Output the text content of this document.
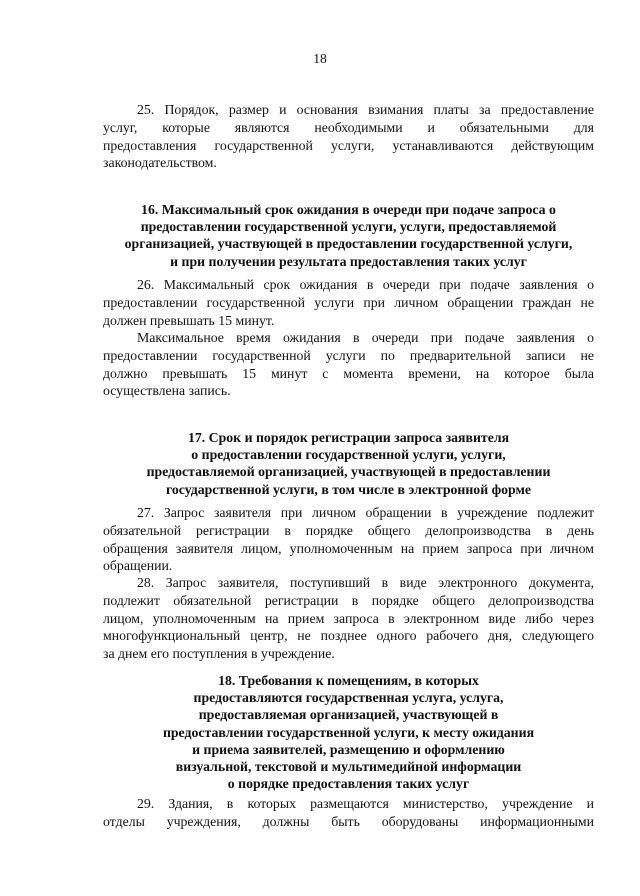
18
25. Порядок, размер и основания взимания платы за предоставление
услуг, которые являются необходимыми и обязательными для
предоставления государственной услуги, устанавливаются действующим
законодательством.
16. Максимальный срок ожидания в очереди при подаче запроса о
предоставлении государственной услуги, услуги, предоставляемой
организацией, участвующей в предоставлении государственной услуги,
и при получении результата предоставления таких услуг
26. Максимальный срок ожидания в очереди при подаче заявления о
предоставлении государственной услуги при личном обращении граждан не
должен превышать 15 минут.
Максимальное время ожидания в очереди при подаче заявления о
предоставлении государственной услуги по предварительной записи не
должно превышать 15 минут с момента времени, на которое была
осуществлена запись.
17. Срок и порядок регистрации запроса заявителя
о предоставлении государственной услуги, услуги,
предоставляемой организацией, участвующей в предоставлении
государственной услуги, в том числе в электронной форме
27. Запрос заявителя при личном обращении в учреждение подлежит
обязательной регистрации в порядке общего делопроизводства в день
обращения заявителя лицом, уполномоченным на прием запроса при личном
обращении.
28. Запрос заявителя, поступивший в виде электронного документа,
подлежит обязательной регистрации в порядке общего делопроизводства
лицом, уполномоченным на прием запроса в электронном виде либо через
многофункциональный центр, не позднее одного рабочего дня, следующего
за днем его поступления в учреждение.
18. Требования к помещениям, в которых
предоставляются государственная услуга, услуга,
предоставляемая организацией, участвующей в
предоставлении государственной услуги, к месту ожидания
и приема заявителей, размещению и оформлению
визуальной, текстовой и мультимедийной информации
о порядке предоставления таких услуг
29. Здания, в которых размещаются министерство, учреждение и
отделы учреждения, должны быть оборудованы информационными
